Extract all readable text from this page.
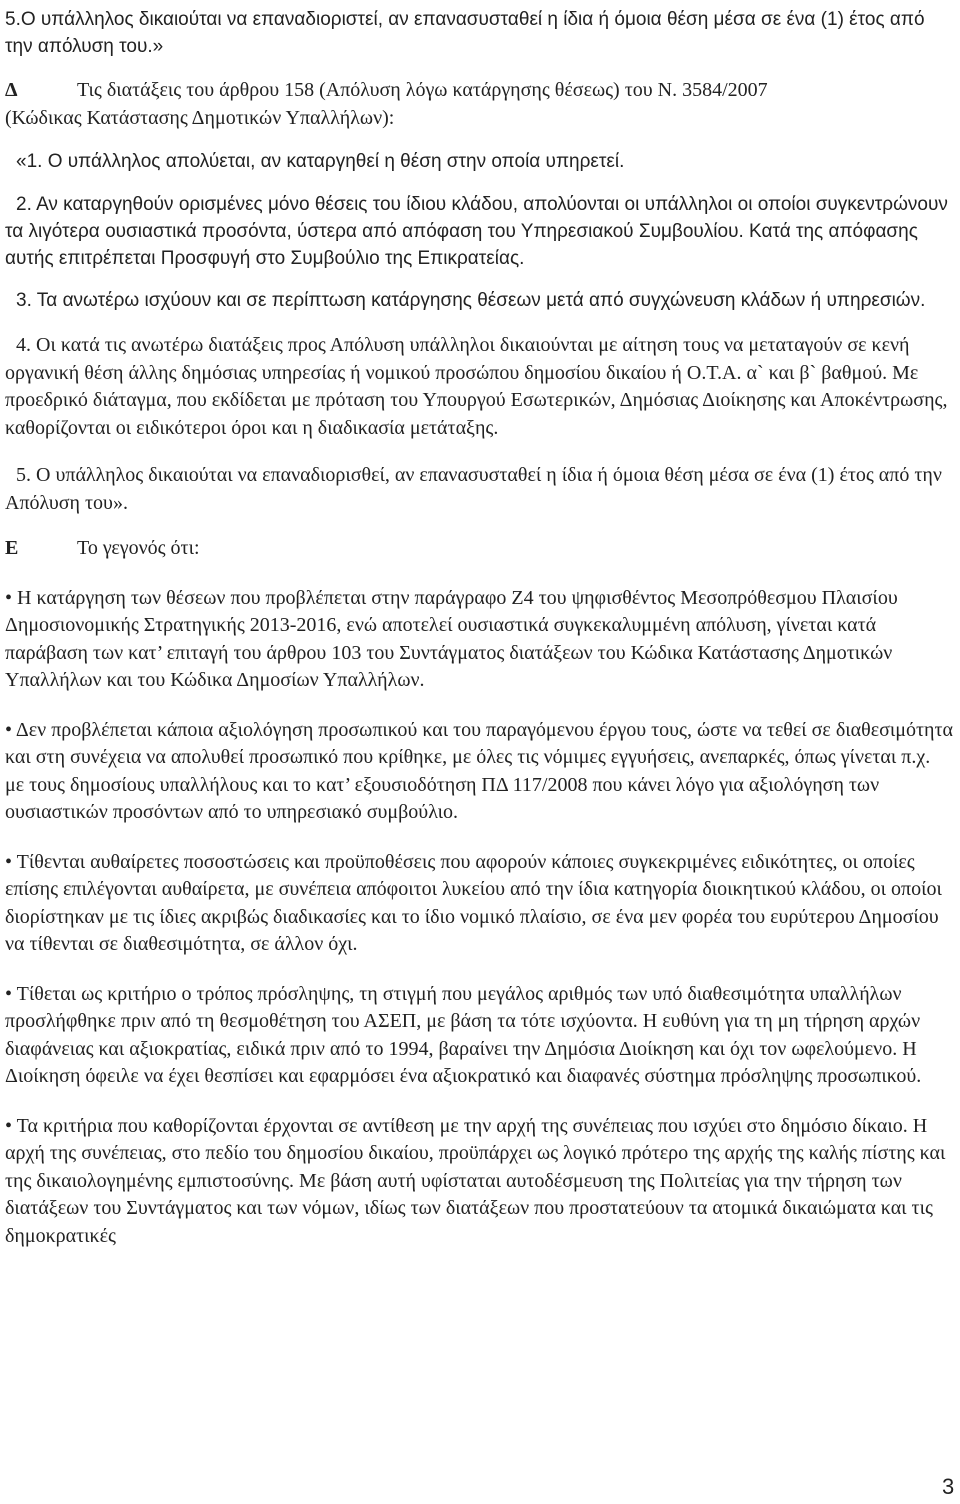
5.Ο υπάλληλος δικαιούται να επαναδιοριστεί, αν επανασυσταθεί η ίδια ή όμοια θέση μέσα σε ένα (1) έτος από την απόλυση του.»

Δ	Τις διατάξεις του άρθρου 158 (Απόλυση λόγω κατάργησης θέσεως) του Ν. 3584/2007

(Κώδικας Κατάστασης Δημοτικών Υπαλλήλων):

«1. Ο υπάλληλος απολύεται, αν καταργηθεί η θέση στην οποία υπηρετεί.

2. Αν καταργηθούν ορισμένες μόνο θέσεις του ίδιου κλάδου, απολύονται οι υπάλληλοι οι οποίοι συγκεντρώνουν τα λιγότερα ουσιαστικά προσόντα, ύστερα από απόφαση του Υπηρεσιακού Συμβουλίου. Κατά της απόφασης αυτής επιτρέπεται Προσφυγή στο Συμβούλιο της Επικρατείας.

3. Τα ανωτέρω ισχύουν και σε περίπτωση κατάργησης θέσεων μετά από συγχώνευση κλάδων ή υπηρεσιών.

4. Οι κατά τις ανωτέρω διατάξεις προς Απόλυση υπάλληλοι δικαιούνται με αίτηση τους να μεταταγούν σε κενή οργανική θέση άλλης δημόσιας υπηρεσίας ή νομικού προσώπου δημοσίου δικαίου ή Ο.Τ.Α. α` και β` βαθμού. Με προεδρικό διάταγμα, που εκδίδεται με πρόταση του Υπουργού Εσωτερικών, Δημόσιας Διοίκησης και Αποκέντρωσης, καθορίζονται οι ειδικότεροι όροι και η διαδικασία μετάταξης.

5. Ο υπάλληλος δικαιούται να επαναδιορισθεί, αν επανασυσταθεί η ίδια ή όμοια θέση μέσα σε ένα (1) έτος από την Απόλυση του».

Ε	Το γεγονός ότι:

• Η κατάργηση των θέσεων που προβλέπεται στην παράγραφο Ζ4 του ψηφισθέντος Μεσοπρόθεσμου Πλαισίου Δημοσιονομικής Στρατηγικής 2013-2016, ενώ αποτελεί ουσιαστικά συγκεκαλυμμένη απόλυση, γίνεται κατά παράβαση των κατ’ επιταγή του άρθρου 103 του Συντάγματος διατάξεων του Κώδικα Κατάστασης Δημοτικών Υπαλλήλων και του Κώδικα Δημοσίων Υπαλλήλων.

• Δεν προβλέπεται κάποια αξιολόγηση προσωπικού και του παραγόμενου έργου τους, ώστε να τεθεί σε διαθεσιμότητα και στη συνέχεια να απολυθεί προσωπικό που κρίθηκε, με όλες τις νόμιμες εγγυήσεις, ανεπαρκές, όπως γίνεται π.χ. με τους δημοσίους υπαλλήλους και το κατ’ εξουσιοδότηση ΠΔ 117/2008 που κάνει λόγο για αξιολόγηση των ουσιαστικών προσόντων από το υπηρεσιακό συμβούλιο.

• Τίθενται αυθαίρετες ποσοστώσεις και προϋποθέσεις που αφορούν κάποιες συγκεκριμένες ειδικότητες, οι οποίες επίσης επιλέγονται αυθαίρετα, με συνέπεια απόφοιτοι λυκείου από την ίδια κατηγορία διοικητικού κλάδου, οι οποίοι διορίστηκαν με τις ίδιες ακριβώς διαδικασίες και το ίδιο νομικό πλαίσιο, σε ένα μεν φορέα του ευρύτερου Δημοσίου να τίθενται σε διαθεσιμότητα, σε άλλον όχι.

• Τίθεται ως κριτήριο ο τρόπος πρόσληψης, τη στιγμή που μεγάλος αριθμός των υπό διαθεσιμότητα υπαλλήλων προσλήφθηκε πριν από τη θεσμοθέτηση του ΑΣΕΠ, με βάση τα τότε ισχύοντα. Η ευθύνη για τη μη τήρηση αρχών διαφάνειας και αξιοκρατίας, ειδικά πριν από το 1994, βαραίνει την Δημόσια Διοίκηση και όχι τον ωφελούμενο. Η Διοίκηση όφειλε να έχει θεσπίσει και εφαρμόσει ένα αξιοκρατικό και διαφανές σύστημα πρόσληψης προσωπικού.

• Τα κριτήρια που καθορίζονται έρχονται σε αντίθεση με την αρχή της συνέπειας που ισχύει στο δημόσιο δίκαιο. Η αρχή της συνέπειας, στο πεδίο του δημοσίου δικαίου, προϋπάρχει ως λογικό πρότερο της αρχής της καλής πίστης και της δικαιολογημένης εμπιστοσύνης. Με βάση αυτή υφίσταται αυτοδέσμευση της Πολιτείας για την τήρηση των διατάξεων του Συντάγματος και των νόμων, ιδίως των διατάξεων που προστατεύουν τα ατομικά δικαιώματα και τις δημοκρατικές

3
